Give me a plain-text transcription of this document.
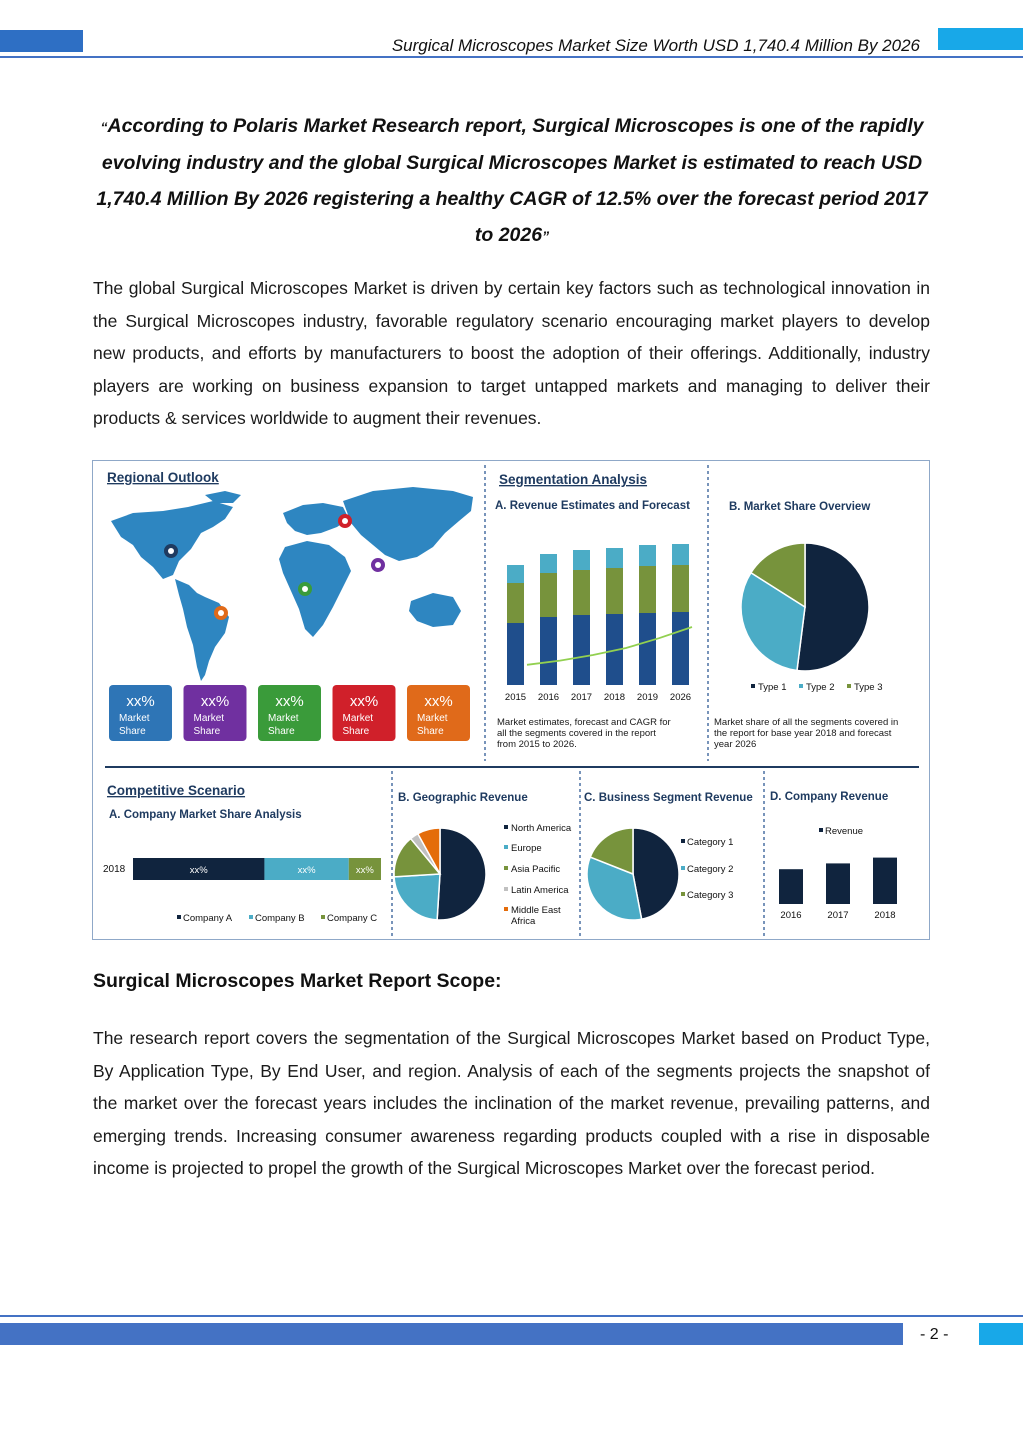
Surgical Microscopes Market Size Worth USD 1,740.4 Million By 2026
“According to Polaris Market Research report, Surgical Microscopes is one of the rapidly evolving industry and the global Surgical Microscopes Market is estimated to reach USD 1,740.4 Million By 2026 registering a healthy CAGR of 12.5% over the forecast period 2017 to 2026”
The global Surgical Microscopes Market is driven by certain key factors such as technological innovation in the Surgical Microscopes industry, favorable regulatory scenario encouraging market players to develop new products, and efforts by manufacturers to boost the adoption of their offerings. Additionally, industry players are working on business expansion to target untapped markets and managing to deliver their products & services worldwide to augment their revenues.
Regional Outlook
xx%
Market
Share
xx%
Market
Share
xx%
Market
Share
xx%
Market
Share
xx%
Market
Share
Segmentation Analysis
A. Revenue Estimates and Forecast
2015 2016 2017 2018 2019 2026
Market estimates, forecast and CAGR for all the segments covered in the report from 2015 to 2026.
B. Market Share Overview
Type 1 Type 2 Type 3
Market share of all the segments covered in the report for base year 2018 and forecast year 2026
Competitive Scenario
A. Company Market Share Analysis
2018	xx%	xx%	xx%
Company A Company B Company C
B. Geographic Revenue
North America
Europe
Asia Pacific
Latin America
Middle East
Africa
C. Business Segment Revenue
Category 1
Category 2
Category 3
D. Company Revenue
Revenue
2016	2017	2018
Surgical Microscopes Market Report Scope:
The research report covers the segmentation of the Surgical Microscopes Market based on Product Type, By Application Type, By End User, and region. Analysis of each of the segments projects the snapshot of the market over the forecast years includes the inclination of the market revenue, prevailing patterns, and emerging trends. Increasing consumer awareness regarding products coupled with a rise in disposable income is projected to propel the growth of the Surgical Microscopes Market over the forecast period.
- 2 -
